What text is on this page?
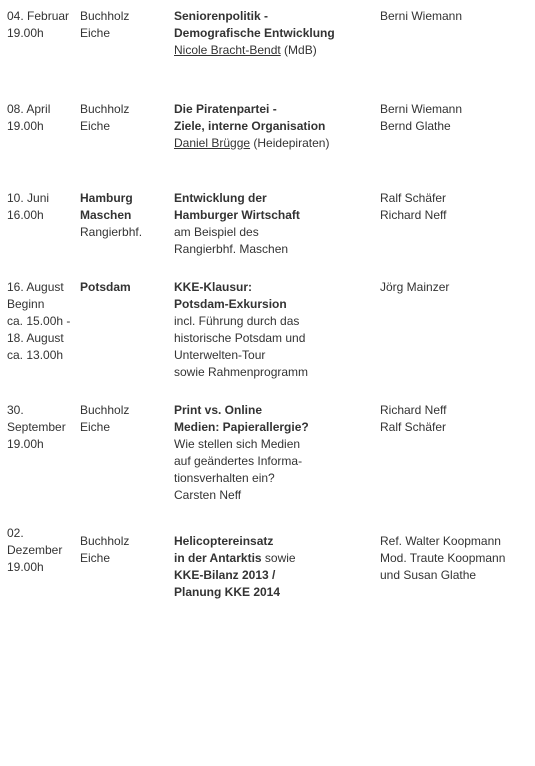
04. Februar
19.00h
Buchholz
Eiche
Seniorenpolitik -
Demografische Entwicklung
Nicole Bracht-Bendt (MdB)
Berni Wiemann
08. April
19.00h
Buchholz
Eiche
Die Piratenpartei -
Ziele, interne Organisation
Daniel Brügge (Heidepiraten)
Berni Wiemann
Bernd Glathe
10. Juni
16.00h
Hamburg
Maschen
Rangierbhf.
Entwicklung der
Hamburger Wirtschaft
am Beispiel des
Rangierbhf. Maschen
Ralf Schäfer
Richard Neff
16. August
Beginn
ca. 15.00h -
18. August
ca. 13.00h
Potsdam	KKE-Klausur:
Potsdam-Exkursion
incl. Führung durch das
historische Potsdam und
Unterwelten-Tour
sowie Rahmenprogramm
Jörg Mainzer
30.
September
19.00h
Buchholz
Eiche
Print vs. Online
Medien: Papierallergie?
Wie stellen sich Medien
auf geändertes Informa-
tionsverhalten ein?
Carsten Neff
Richard Neff
Ralf Schäfer
02.
Dezember
19.00h
Buchholz
Eiche
Helicoptereinsatz
in der Antarktis sowie
KKE-Bilanz 2013 /
Planung KKE 2014
Ref. Walter Koopmann
Mod. Traute Koopmann
und Susan Glathe
